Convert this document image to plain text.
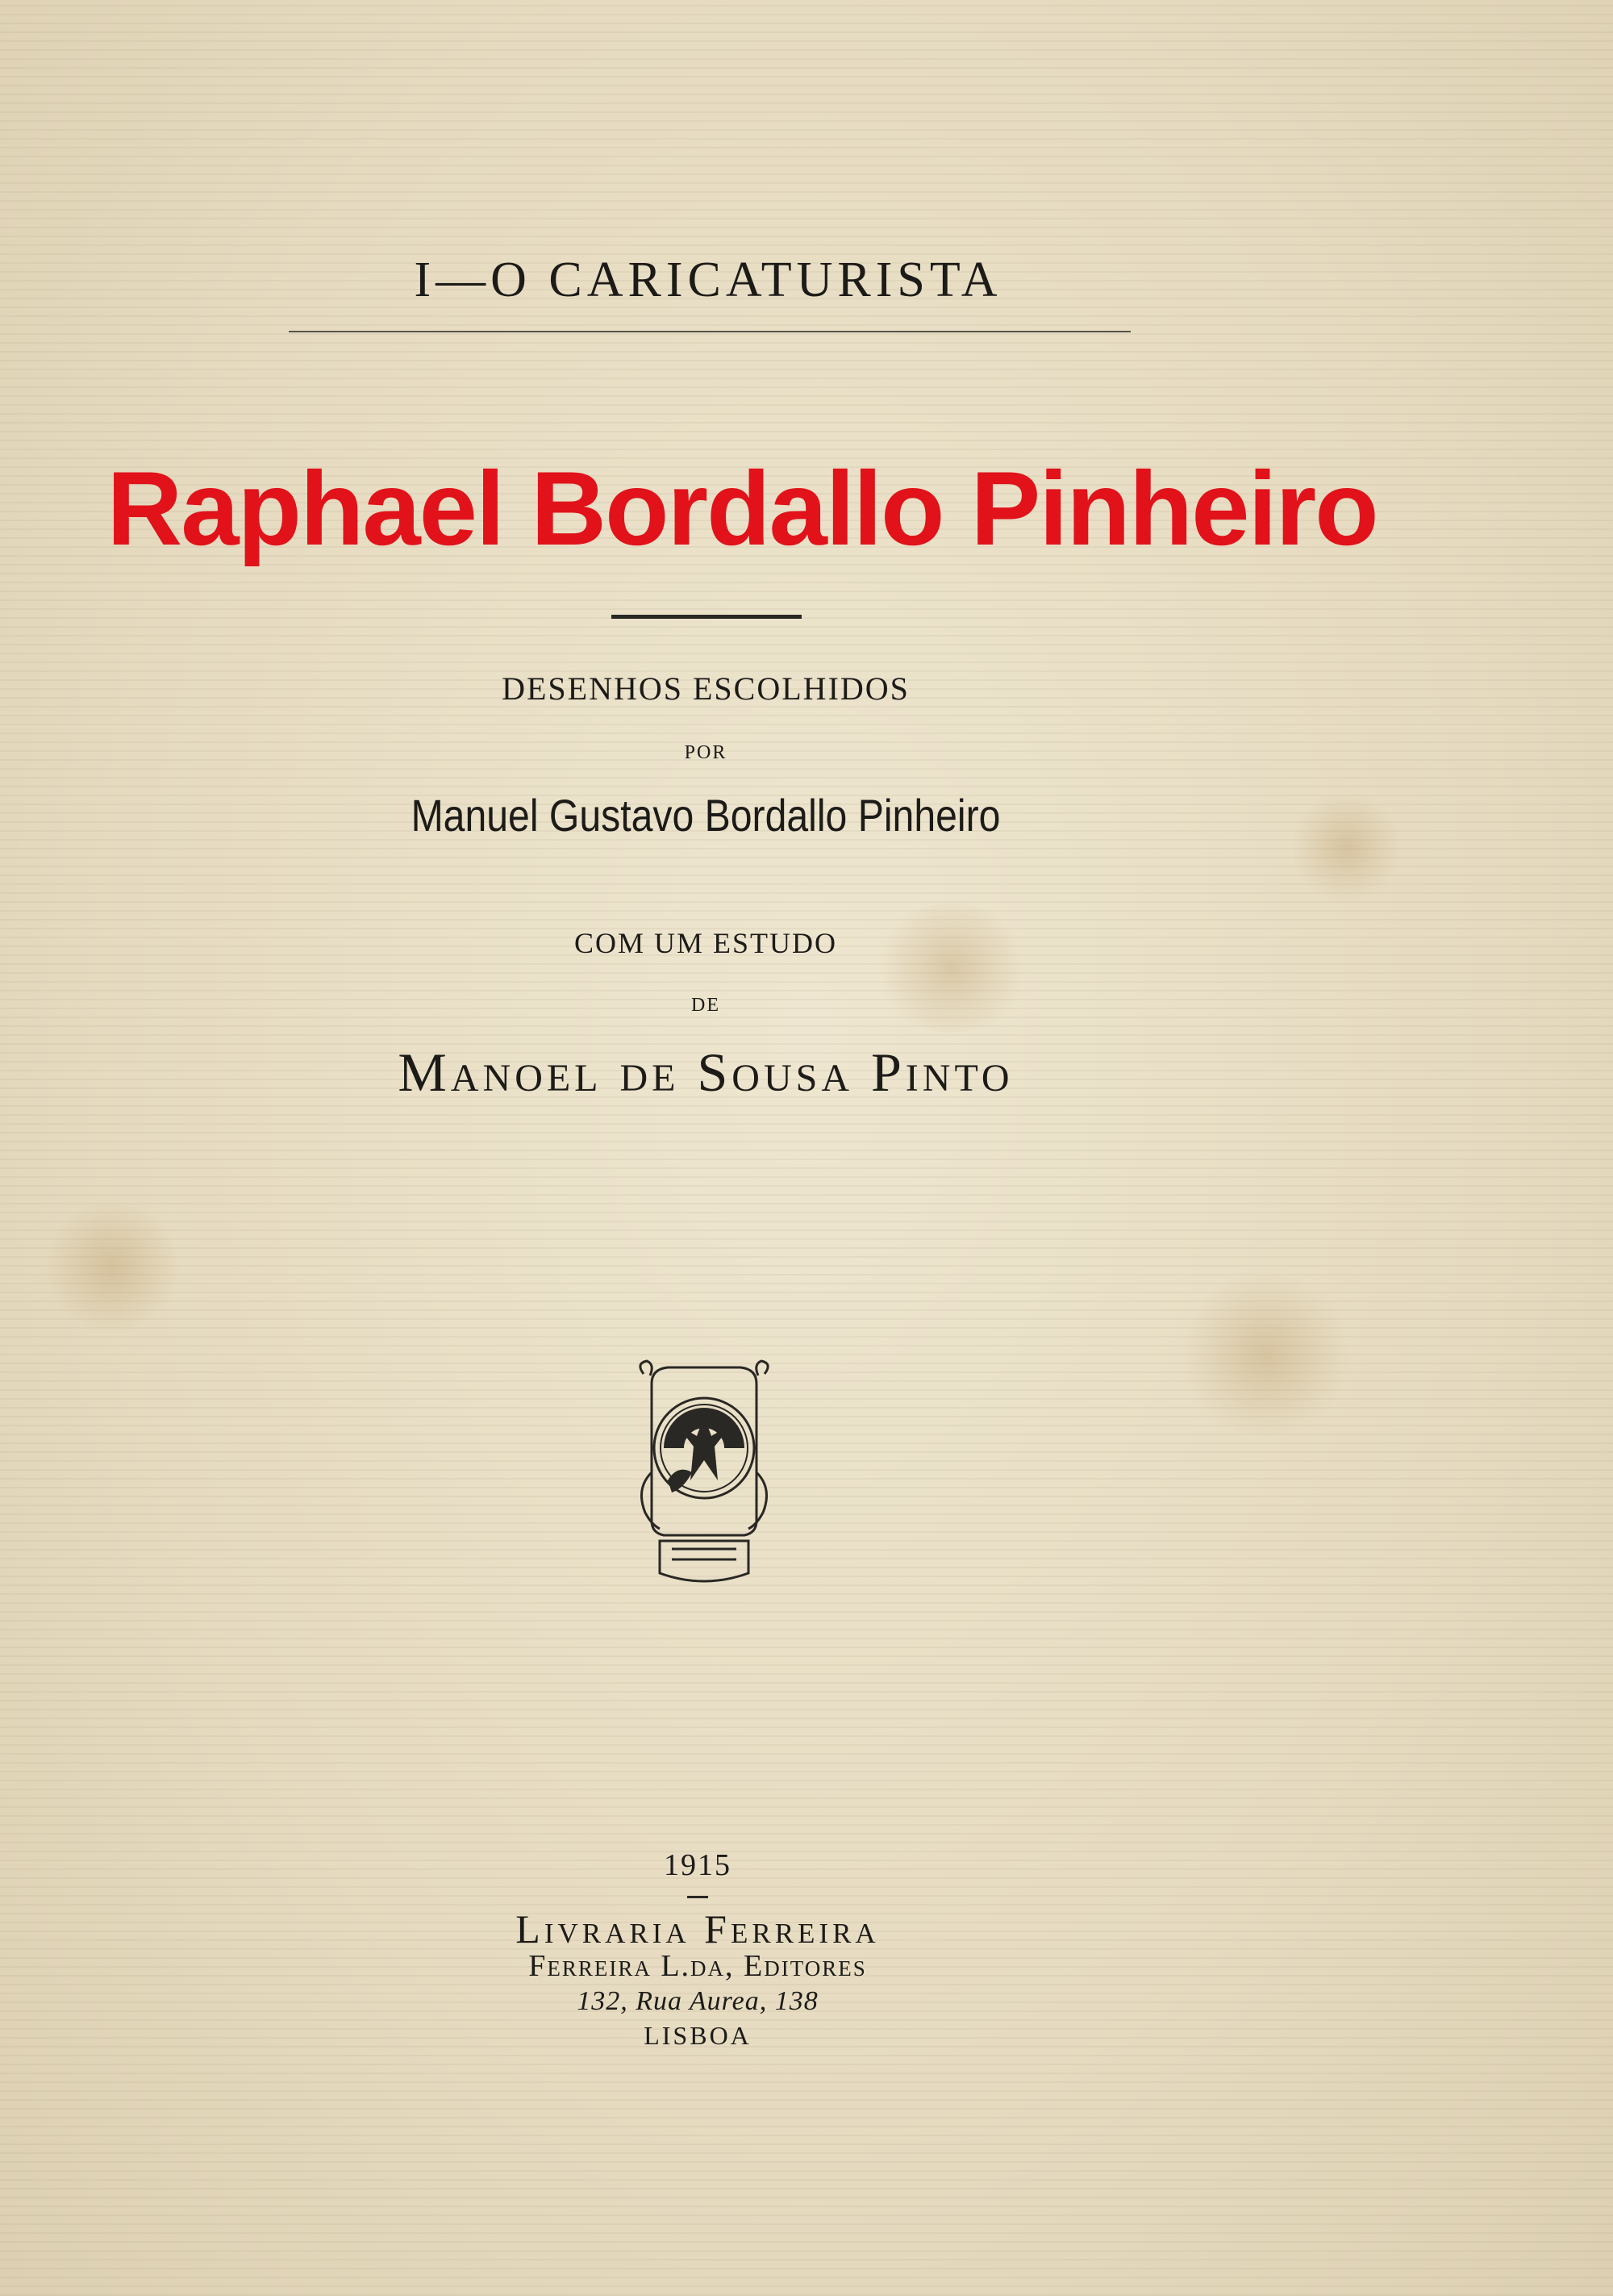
I—O CARICATURISTA
Raphael Bordallo Pinheiro
DESENHOS ESCOLHIDOS
POR
Manuel Gustavo Bordallo Pinheiro
COM UM ESTUDO
DE
Manoel de Sousa Pinto
1915
Livraria Ferreira
Ferreira L.da, Editores
132, Rua Aurea, 138
LISBOA
